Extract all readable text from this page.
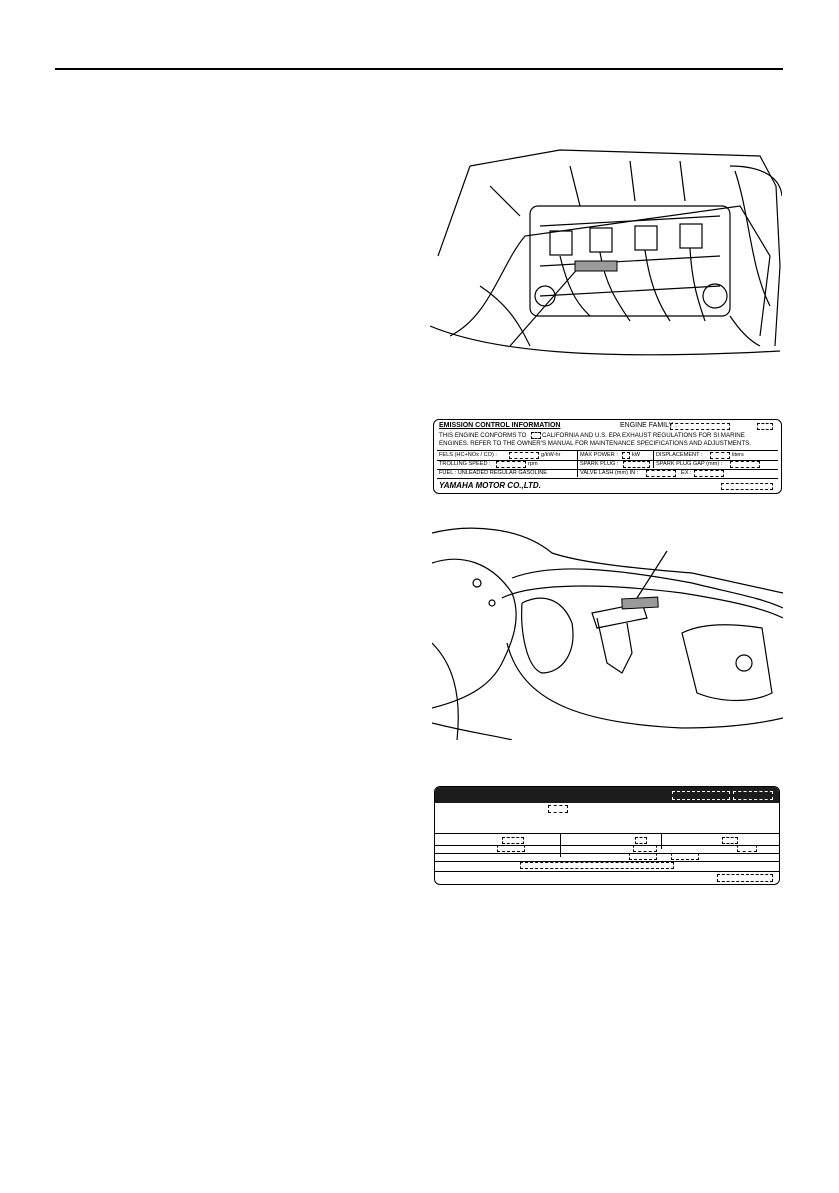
EMISSION CONTROL INFORMATION	ENGINE FAMILY :
THIS ENGINE CONFORMS TO	CALIFORNIA AND U.S. EPA EXHAUST REGULATIONS FOR SI MARINE
ENGINES. REFER TO THE OWNER'S MANUAL FOR MAINTENANCE SPECIFICATIONS AND ADJUSTMENTS.
FELS (HC+NOx / CO) :	g/kW-hr	MAX POWER :	kW	DISPLACEMENT :	liters
TROLLING SPEED :	rpm	SPARK PLUG :	SPARK PLUG GAP (mm) :
FUEL : UNLEADED REGULAR GASOLINE	VALVE LASH (mm) IN :	EX :
YAMAHA MOTOR CO.,LTD.
